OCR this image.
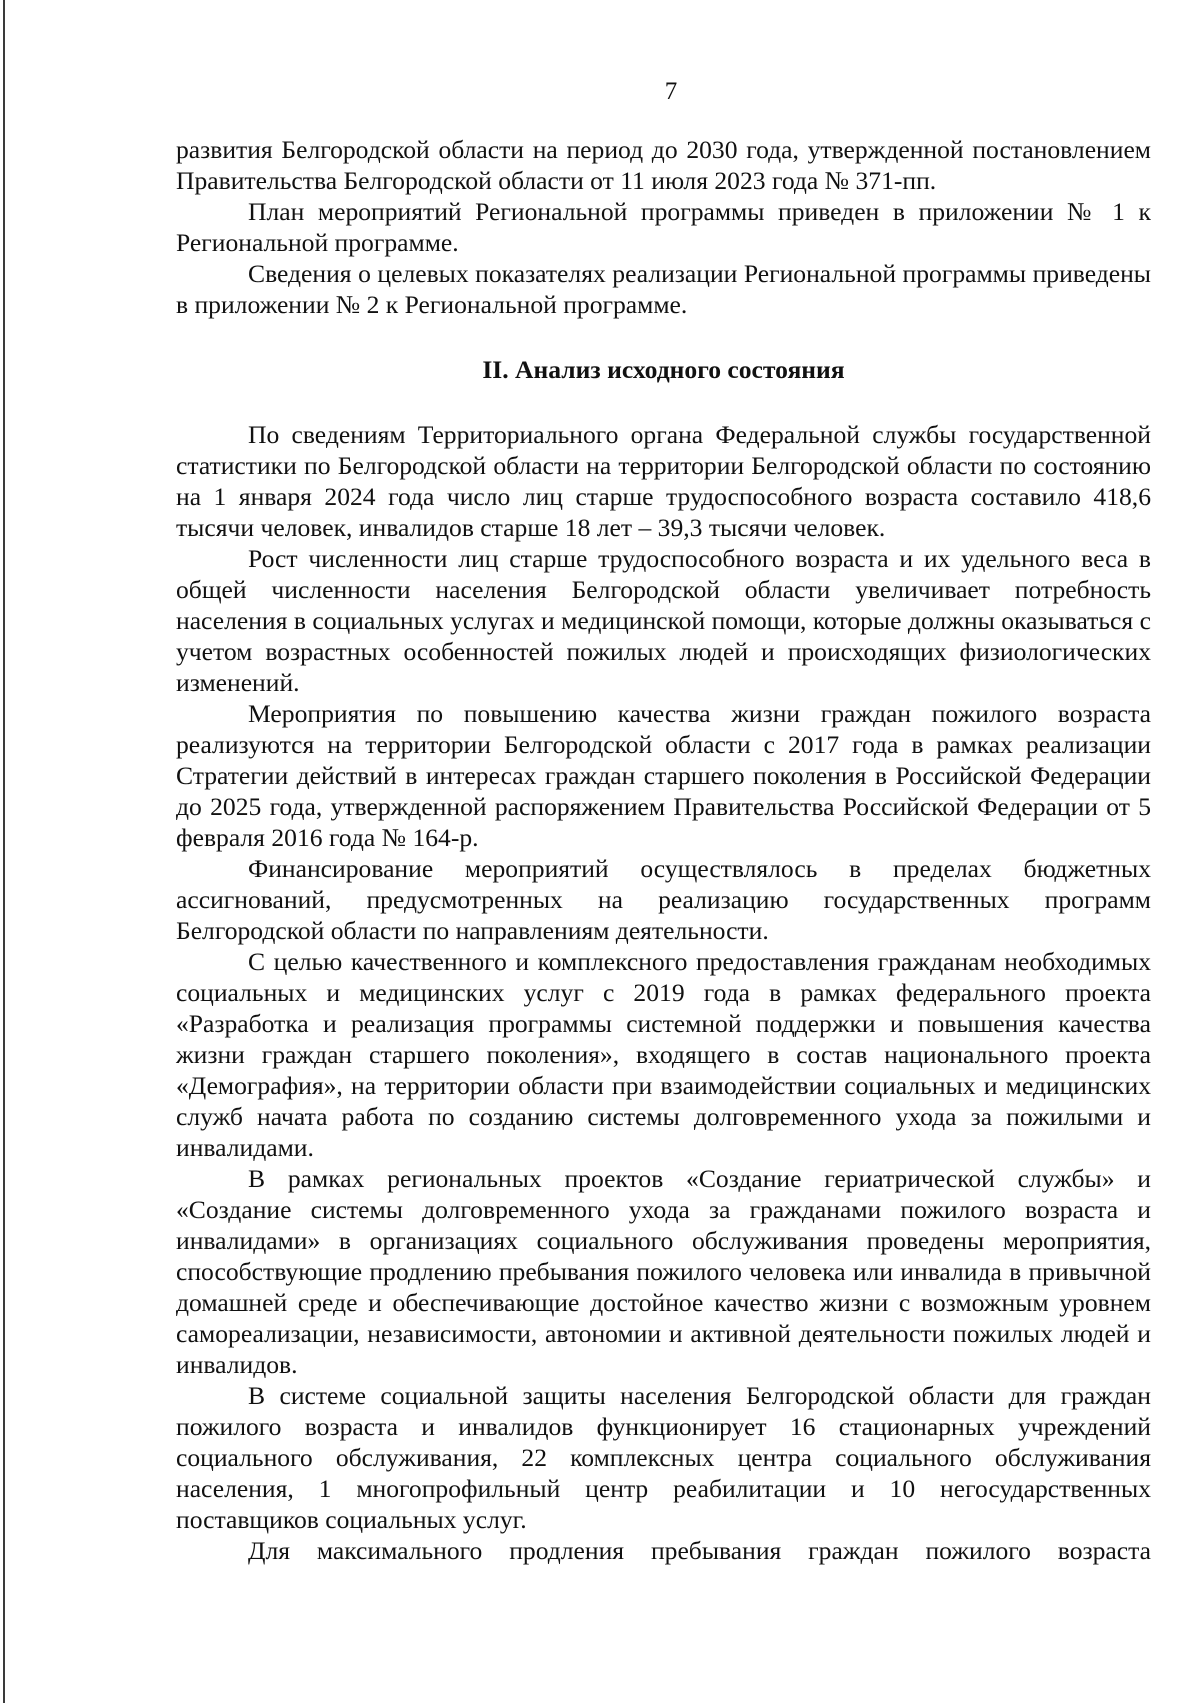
7

развития Белгородской области на период до 2030 года, утвержденной постановлением Правительства Белгородской области от 11 июля 2023 года № 371-пп.

План мероприятий Региональной программы приведен в приложении № 1 к Региональной программе.

Сведения о целевых показателях реализации Региональной программы приведены в приложении № 2 к Региональной программе.

II. Анализ исходного состояния

По сведениям Территориального органа Федеральной службы государственной статистики по Белгородской области на территории Белгородской области по состоянию на 1 января 2024 года число лиц старше трудоспособного возраста составило 418,6 тысячи человек, инвалидов старше 18 лет – 39,3 тысячи человек.

Рост численности лиц старше трудоспособного возраста и их удельного веса в общей численности населения Белгородской области увеличивает потребность населения в социальных услугах и медицинской помощи, которые должны оказываться с учетом возрастных особенностей пожилых людей и происходящих физиологических изменений.

Мероприятия по повышению качества жизни граждан пожилого возраста реализуются на территории Белгородской области с 2017 года в рамках реализации Стратегии действий в интересах граждан старшего поколения в Российской Федерации до 2025 года, утвержденной распоряжением Правительства Российской Федерации от 5 февраля 2016 года № 164-р.

Финансирование мероприятий осуществлялось в пределах бюджетных ассигнований, предусмотренных на реализацию государственных программ Белгородской области по направлениям деятельности.

С целью качественного и комплексного предоставления гражданам необходимых социальных и медицинских услуг с 2019 года в рамках федерального проекта «Разработка и реализация программы системной поддержки и повышения качества жизни граждан старшего поколения», входящего в состав национального проекта «Демография», на территории области при взаимодействии социальных и медицинских служб начата работа по созданию системы долговременного ухода за пожилыми и инвалидами.

В рамках региональных проектов «Создание гериатрической службы» и «Создание системы долговременного ухода за гражданами пожилого возраста и инвалидами» в организациях социального обслуживания проведены мероприятия, способствующие продлению пребывания пожилого человека или инвалида в привычной домашней среде и обеспечивающие достойное качество жизни с возможным уровнем самореализации, независимости, автономии и активной деятельности пожилых людей и инвалидов.

В системе социальной защиты населения Белгородской области для граждан пожилого возраста и инвалидов функционирует 16 стационарных учреждений социального обслуживания, 22 комплексных центра социального обслуживания населения, 1 многопрофильный центр реабилитации и 10 негосударственных поставщиков социальных услуг.

Для максимального продления пребывания граждан пожилого возраста
